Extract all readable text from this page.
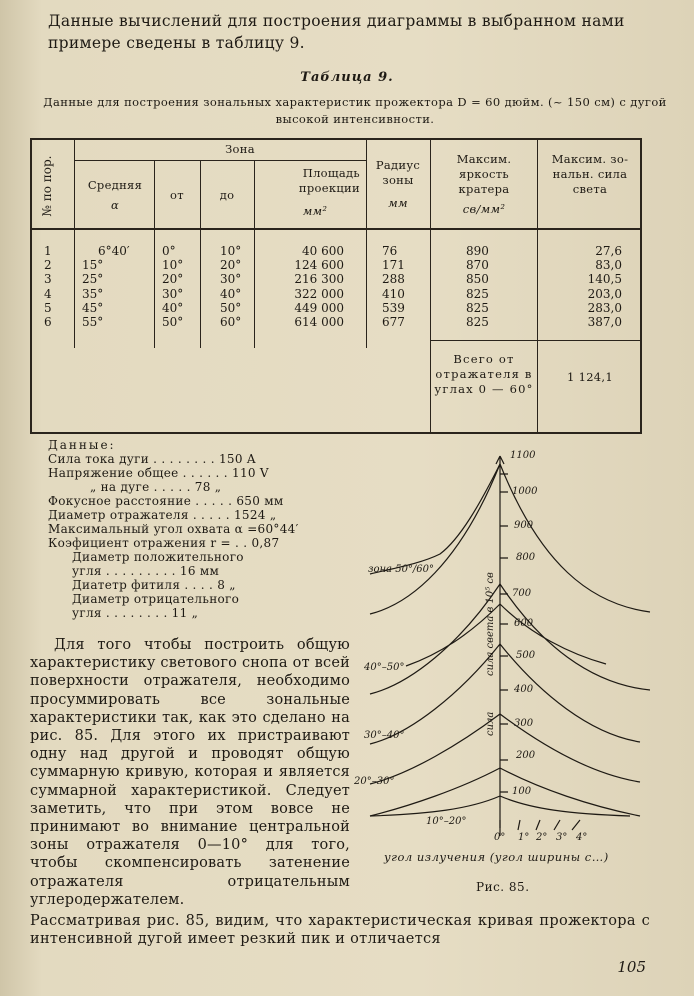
Данные вычислений для построения диаграммы в выбранном нами примере сведены в таблицу 9.
Таблица 9.
Данные для построения зональных характеристик прожектора D = 60 дюйм. (~ 150 см) с дугой высокой интенсивности.
№ по пор.
Зона
Средняя
α
от	до
Площадь проекции
мм²
Радиус зоны
мм
Максим. яркость кратера
св/мм²
Максим. зо-нальн. сила света
1
2
3
4
5
6
6°40′
15°
25°
35°
45°
55°
0°
10°
20°
30°
40°
50°
10°
20°
30°
40°
50°
60°
40 600
124 600
216 300
322 000
449 000
614 000
76
171
288
410
539
677
890
870
850
825
825
825
27,6
83,0
140,5
203,0
283,0
387,0
Всего от отражателя в углах 0 — 60°
1 124,1
Данные:
Сила тока дуги . . . . . . . . 150 A
Напряжение общее . . . . . . 110 V
„ на дуге . . . . . 78 „
Фокусное расстояние . . . . . 650 мм
Диаметр отражателя . . . . . 1524 „
Максимальный угол охвата α =60°44′
Коэфициент отражения r = . . 0,87
Диаметр положительного
угля . . . . . . . . . 16 мм
Диатетр фитиля . . . . 8 „
Диаметр отрицательного
угля . . . . . . . . 11 „
Для того чтобы построить общую характеристику светового снопа от всей поверхности отражателя, необходимо просуммировать все зональные характеристики так, как это сделано на рис. 85. Для этого их пристраивают одну над другой и проводят общую суммарную кривую, которая и является суммарной характеристикой. Следует заметить, что при этом вовсе не принимают во внимание центральной зоны отражателя 0—10° для того, чтобы скомпенсировать затенение отражателя отрицательным углеродержателем.
1100
1000
900
800
700
600
500
400
300
200
100
зона 50°/60°
40°–50°
30°–40°
20°–30°
10°–20°
сила света в 10⁵ св
сила
0° 1° 2° 3° 4°
угол излучения (угол ширины с…)
Рис. 85.
Рассматривая рис. 85, видим, что характеристическая кривая прожектора с интенсивной дугой имеет резкий пик и отличается
105
